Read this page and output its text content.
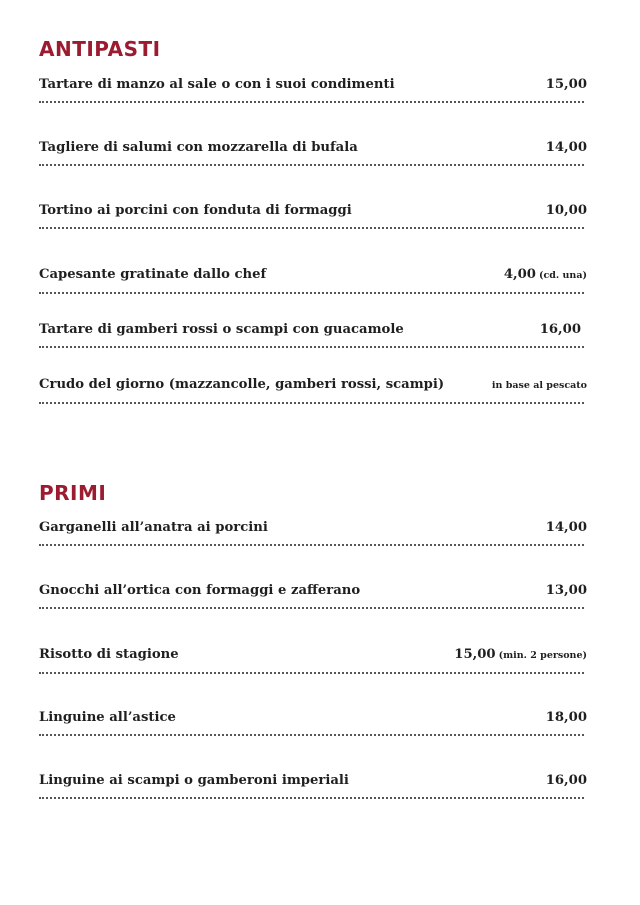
ANTIPASTI
Tartare di manzo al sale o con i suoi condimenti	15,00
Tagliere di salumi con mozzarella di bufala	14,00
Tortino ai porcini con fonduta di formaggi	10,00
Capesante gratinate dallo chef	4,00 (cd. una)
Tartare di gamberi rossi o scampi con guacamole	16,00
Crudo del giorno (mazzancolle, gamberi rossi, scampi)	in base al pescato
PRIMI
Garganelli all’anatra ai porcini	14,00
Gnocchi all’ortica con formaggi e zafferano	13,00
Risotto di stagione	15,00 (min. 2 persone)
Linguine all’astice	18,00
Linguine ai scampi o gamberoni imperiali	16,00
